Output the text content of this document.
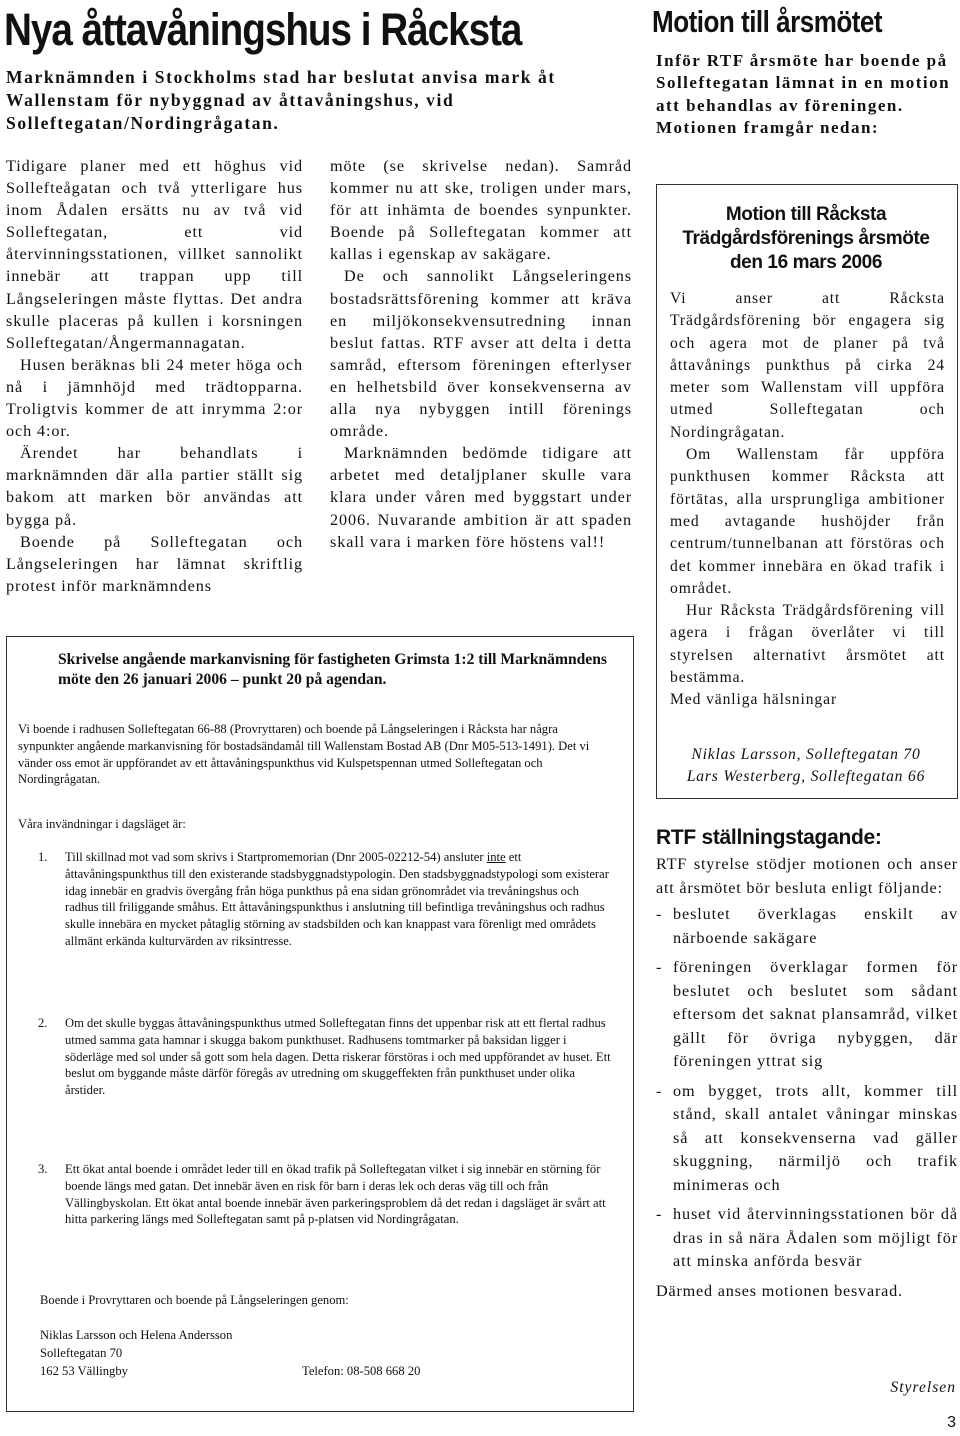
Nya åttavåningshus i Råcksta
Marknämnden i Stockholms stad har beslutat anvisa mark åt Wallenstam för nybyggnad av åttavåningshus, vid Solleftegatan/Nordingrågatan.

Tidigare planer med ett höghus vid Sollefteågatan och två ytterligare hus inom Ådalen ersätts nu av två vid Solleftegatan, ett vid återvinningsstationen, villket sannolikt innebär att trappan upp till Långseleringen måste flyttas. Det andra skulle placeras på kullen i korsningen Solleftegatan/Ångermannagatan.

Husen beräknas bli 24 meter höga och nå i jämnhöjd med trädtopparna. Troligtvis kommer de att inrymma 2:or och 4:or.

Ärendet har behandlats i marknämnden där alla partier ställt sig bakom att marken bör användas att bygga på.

Boende på Solleftegatan och Långseleringen har lämnat skriftlig protest inför marknämndens

möte (se skrivelse nedan). Samråd kommer nu att ske, troligen under mars, för att inhämta de boendes synpunkter. Boende på Solleftegatan kommer att kallas i egenskap av sakägare.

De och sannolikt Långseleringens bostadsrättsförening kommer att kräva en miljökonsekvensutredning innan beslut fattas. RTF avser att delta i detta samråd, eftersom föreningen efterlyser en helhetsbild över konsekvenserna av alla nya nybyggen intill förenings område.

Marknämnden bedömde tidigare att arbetet med detaljplaner skulle vara klara under våren med byggstart under 2006. Nuvarande ambition är att spaden skall vara i marken före höstens val!!

Skrivelse angående markanvisning för fastigheten Grimsta 1:2 till Marknämndens möte den 26 januari 2006 – punkt 20 på agendan.
Vi boende i radhusen Solleftegatan 66-88 (Provryttaren) och boende på Långseleringen i Råcksta har några synpunkter angående markanvisning för bostadsändamål till Wallenstam Bostad AB (Dnr M05-513-1491). Det vi vänder oss emot är uppförandet av ett åttavåningspunkthus vid Kulspetspennan utmed Solleftegatan och Nordingrågatan.
Våra invändningar i dagsläget är:
1. Till skillnad mot vad som skrivs i Startpromemorian (Dnr 2005-02212-54) ansluter inte ett åttavåningspunkthus till den existerande stadsbyggnadstypologin. Den stadsbyggnadstypologi som existerar idag innebär en gradvis övergång från höga punkthus på ena sidan grönområdet via trevåningshus och radhus till friliggande småhus. Ett åttavåningspunkthus i anslutning till befintliga trevåningshus och radhus skulle innebära en mycket påtaglig störning av stadsbilden och kan knappast vara förenligt med områdets allmänt erkända kulturvärden av riksintresse.
2. Om det skulle byggas åttavåningspunkthus utmed Solleftegatan finns det uppenbar risk att ett flertal radhus utmed samma gata hamnar i skugga bakom punkthuset. Radhusens tomtmarker på baksidan ligger i söderläge med sol under så gott som hela dagen. Detta riskerar förstöras i och med uppförandet av huset. Ett beslut om byggande måste därför föregås av utredning om skuggeffekten från punkthuset under olika årstider.
3. Ett ökat antal boende i området leder till en ökad trafik på Solleftegatan vilket i sig innebär en störning för boende längs med gatan. Det innebär även en risk för barn i deras lek och deras väg till och från Vällingbyskolan. Ett ökat antal boende innebär även parkeringsproblem då det redan i dagsläget är svårt att hitta parkering längs med Solleftegatan samt på p-platsen vid Nordingrågatan.
Boende i Provryttaren och boende på Långseleringen genom:
Niklas Larsson och Helena Andersson
Solleftegatan 70
162 53 Vällingby	Telefon: 08-508 668 20
Motion till årsmötet
Inför RTF årsmöte har boende på Solleftegatan lämnat in en motion att behandlas av föreningen. Motionen framgår nedan:
Motion till Råcksta
Trädgårdsförenings årsmöte
den 16 mars 2006

Vi anser att Råcksta Trädgårdsförening bör engagera sig och agera mot de planer på två åttavånings punkthus på cirka 24 meter som Wallenstam vill uppföra utmed Solleftegatan och Nordingrågatan.

Om Wallenstam får uppföra punkthusen kommer Råcksta att förtätas, alla ursprungliga ambitioner med avtagande hushöjder från centrum/tunnelbanan att förstöras och det kommer innebära en ökad trafik i området.

Hur Råcksta Trädgårdsförening vill agera i frågan överlåter vi till styrelsen alternativt årsmötet att bestämma.

Med vänliga hälsningar

Niklas Larsson, Solleftegatan 70
Lars Westerberg, Solleftegatan 66
RTF ställningstagande:

RTF styrelse stödjer motionen och anser att årsmötet bör besluta enligt följande:

- beslutet överklagas enskilt av närboende sakägare
- föreningen överklagar formen för beslutet och beslutet som sådant eftersom det saknat plansamråd, vilket gällt för övriga nybyggen, där föreningen yttrat sig
- om bygget, trots allt, kommer till stånd, skall antalet våningar minskas så att konsekvenserna vad gäller skuggning, närmiljö och trafik minimeras och
- huset vid återvinningsstationen bör då dras in så nära Ådalen som möjligt för att minska anförda besvär

Därmed anses motionen besvarad.

Styrelsen
3
